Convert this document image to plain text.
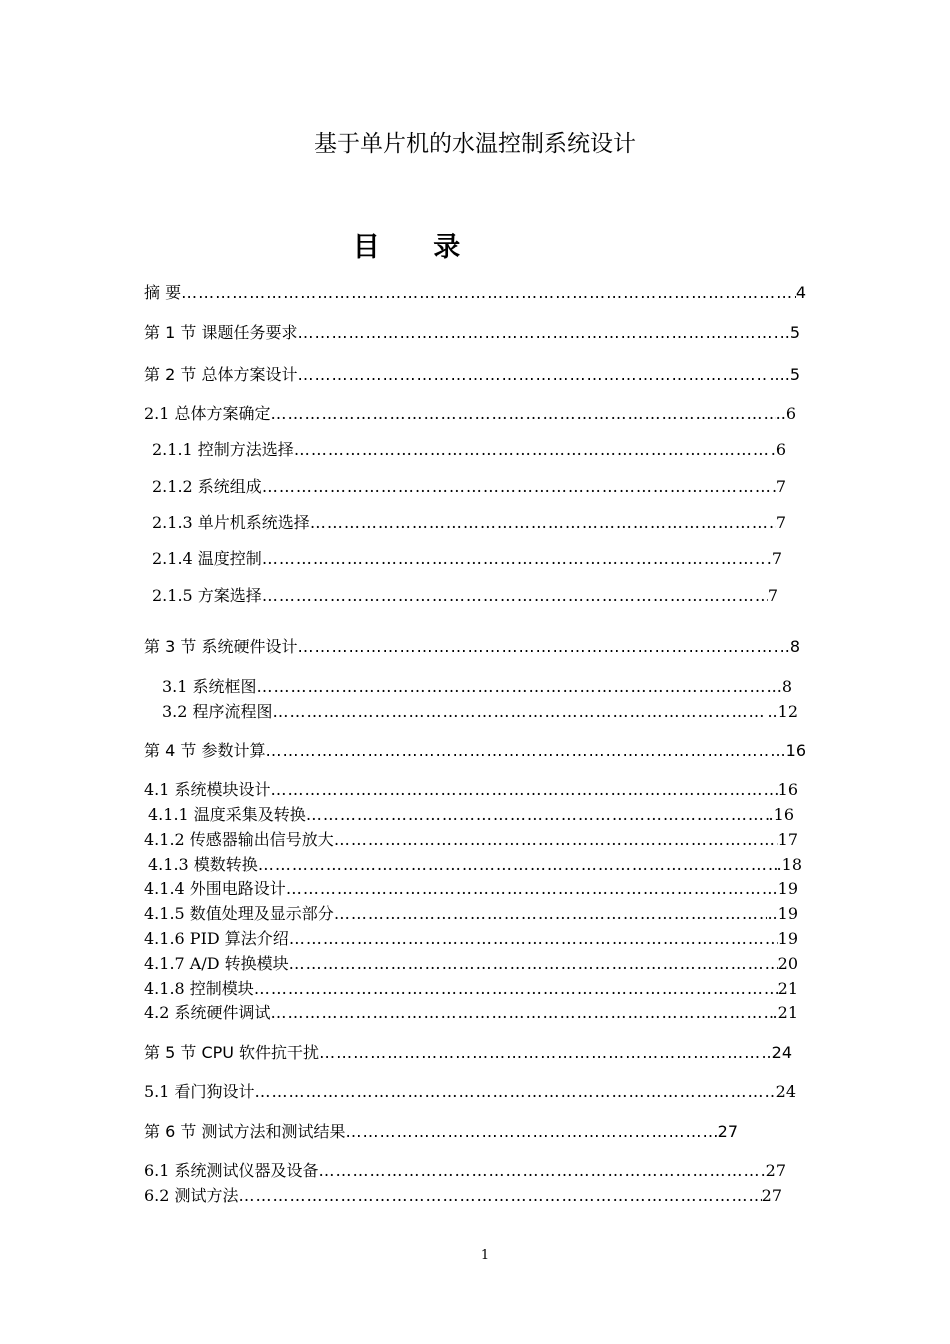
基于单片机的水温控制系统设计
目 录
摘 要 ……………………………………………………………………………………………………………………………………………	4
第 1 节 课题任务要求 ……………………………………………………………………………………………………………………………………………	..5
第 2 节 总体方案设计 ……………………………………………………………………………………………………………………………………………	....5
2.1 总体方案确定 ……………………………………………………………………………………………………………………………………………	..6
2.1.1 控制方法选择 ……………………………………………………………………………………………………………………………………………	.6
2.1.2 系统组成 ……………………………………………………………………………………………………………………………………………	7
2.1.3 单片机系统选择 ……………………………………………………………………………………………………………………………………………	7
2.1.4 温度控制 ……………………………………………………………………………………………………………………………………………	.7
2.1.5 方案选择 ……………………………………………………………………………………………………………………………………………	7
第 3 节 系统硬件设计 ……………………………………………………………………………………………………………………………………………	..8
3.1 系统框图 ……………………………………………………………………………………………………………………………………………	..8
3.2 程序流程图 ……………………………………………………………………………………………………………………………………………	..12
第 4 节 参数计算 ……………………………………………………………………………………………………………………………………………	...16
4.1 系统模块设计 ……………………………………………………………………………………………………………………………………………	16
4.1.1 温度采集及转换 ……………………………………………………………………………………………………………………………………………	.16
4.1.2 传感器输出信号放大 ……………………………………………………………………………………………………………………………………………	17
4.1.3 模数转换 ……………………………………………………………………………………………………………………………………………	.18
4.1.4 外围电路设计 ……………………………………………………………………………………………………………………………………………	.19
4.1.5 数值处理及显示部分 ……………………………………………………………………………………………………………………………………………	..19
4.1.6 PID 算法介绍 ……………………………………………………………………………………………………………………………………………	19
4.1.7 A/D 转换模块 ……………………………………………………………………………………………………………………………………………	20
4.1.8 控制模块 ……………………………………………………………………………………………………………………………………………	21
4.2 系统硬件调试 ……………………………………………………………………………………………………………………………………………	.21
第 5 节 CPU 软件抗干扰 ……………………………………………………………………………………………………………………………………………	..24
5.1 看门狗设计 ……………………………………………………………………………………………………………………………………………	24
第 6 节 测试方法和测试结果 ……………………………………………………………………………………………………………………………………………	27
6.1 系统测试仪器及设备 ……………………………………………………………………………………………………………………………………………	27
6.2 测试方法 ……………………………………………………………………………………………………………………………………………	27
1
